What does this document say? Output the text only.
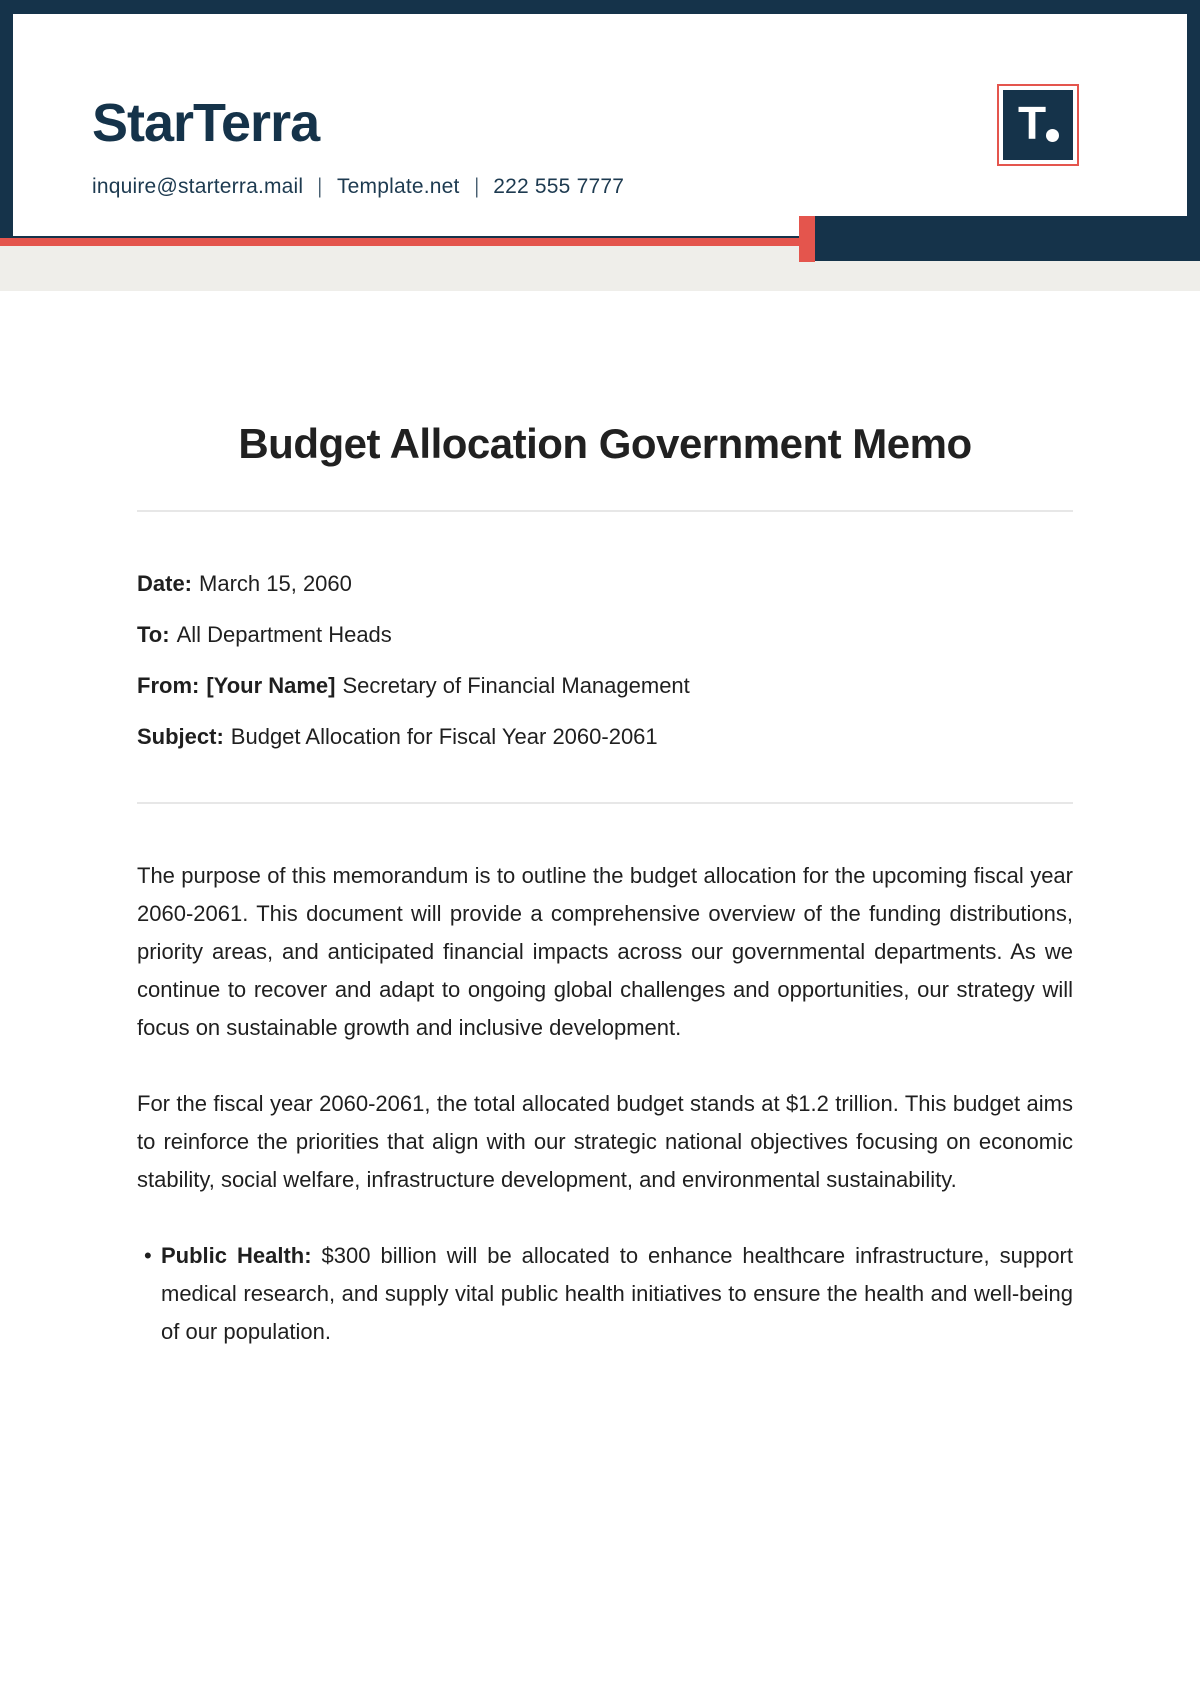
StarTerra
inquire@starterra.mail | Template.net | 222 555 7777
T
Budget Allocation Government Memo
Date: March 15, 2060
To: All Department Heads
From: [Your Name] Secretary of Financial Management
Subject: Budget Allocation for Fiscal Year 2060-2061

The purpose of this memorandum is to outline the budget allocation for the upcoming fiscal year 2060-2061. This document will provide a comprehensive overview of the funding distributions, priority areas, and anticipated financial impacts across our governmental departments. As we continue to recover and adapt to ongoing global challenges and opportunities, our strategy will focus on sustainable growth and inclusive development.

For the fiscal year 2060-2061, the total allocated budget stands at $1.2 trillion. This budget aims to reinforce the priorities that align with our strategic national objectives focusing on economic stability, social welfare, infrastructure development, and environmental sustainability.

• Public Health: $300 billion will be allocated to enhance healthcare infrastructure, support medical research, and supply vital public health initiatives to ensure the health and well-being of our population.
